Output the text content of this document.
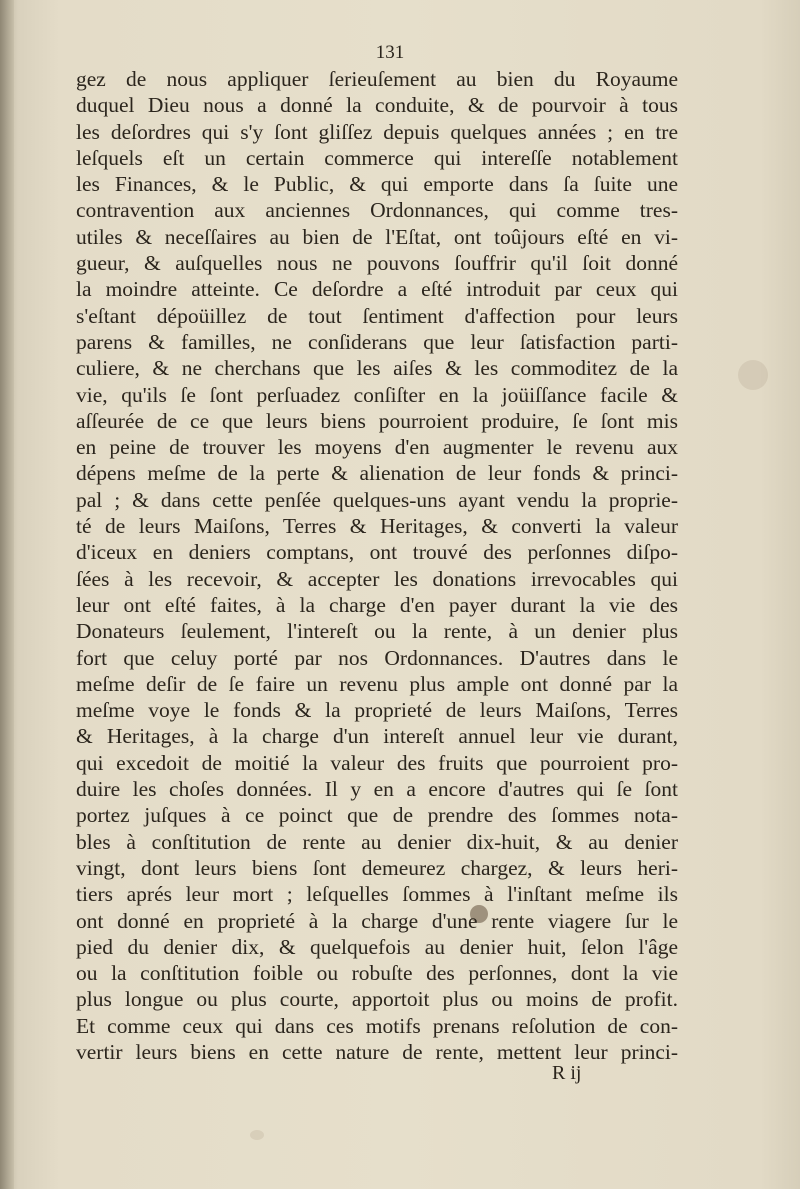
131
gez de nous appliquer ſerieuſement au bien du Royaume
duquel Dieu nous a donné la conduite, & de pourvoir à tous
les deſordres qui s'y ſont gliſſez depuis quelques années ; en tre
leſquels eſt un certain commerce qui intereſſe notablement
les Finances, & le Public, & qui emporte dans ſa ſuite une
contravention aux anciennes Ordonnances, qui comme tres-
utiles & neceſſaires au bien de l'Eſtat, ont toûjours eſté en vi-
gueur, & auſquelles nous ne pouvons ſouffrir qu'il ſoit donné
la moindre atteinte. Ce deſordre a eſté introduit par ceux qui
s'eſtant dépoüillez de tout ſentiment d'affection pour leurs
parens & familles, ne conſiderans que leur ſatisfaction parti-
culiere, & ne cherchans que les aiſes & les commoditez de la
vie, qu'ils ſe ſont perſuadez conſiſter en la joüiſſance facile &
aſſeurée de ce que leurs biens pourroient produire, ſe ſont mis
en peine de trouver les moyens d'en augmenter le revenu aux
dépens meſme de la perte & alienation de leur fonds & princi-
pal ; & dans cette penſée quelques-uns ayant vendu la proprie-
té de leurs Maiſons, Terres & Heritages, & converti la valeur
d'iceux en deniers comptans, ont trouvé des perſonnes diſpo-
ſées à les recevoir, & accepter les donations irrevocables qui
leur ont eſté faites, à la charge d'en payer durant la vie des
Donateurs ſeulement, l'intereſt ou la rente, à un denier plus
fort que celuy porté par nos Ordonnances. D'autres dans le
meſme deſir de ſe faire un revenu plus ample ont donné par la
meſme voye le fonds & la proprieté de leurs Maiſons, Terres
& Heritages, à la charge d'un intereſt annuel leur vie durant,
qui excedoit de moitié la valeur des fruits que pourroient pro-
duire les choſes données. Il y en a encore d'autres qui ſe ſont
portez juſques à ce poinct que de prendre des ſommes nota-
bles à conſtitution de rente au denier dix-huit, & au denier
vingt, dont leurs biens ſont demeurez chargez, & leurs heri-
tiers aprés leur mort ; leſquelles ſommes à l'inſtant meſme ils
ont donné en proprieté à la charge d'une rente viagere ſur le
pied du denier dix, & quelquefois au denier huit, ſelon l'âge
ou la conſtitution foible ou robuſte des perſonnes, dont la vie
plus longue ou plus courte, apportoit plus ou moins de profit.
Et comme ceux qui dans ces motifs prenans reſolution de con-
vertir leurs biens en cette nature de rente, mettent leur princi-
R ij
